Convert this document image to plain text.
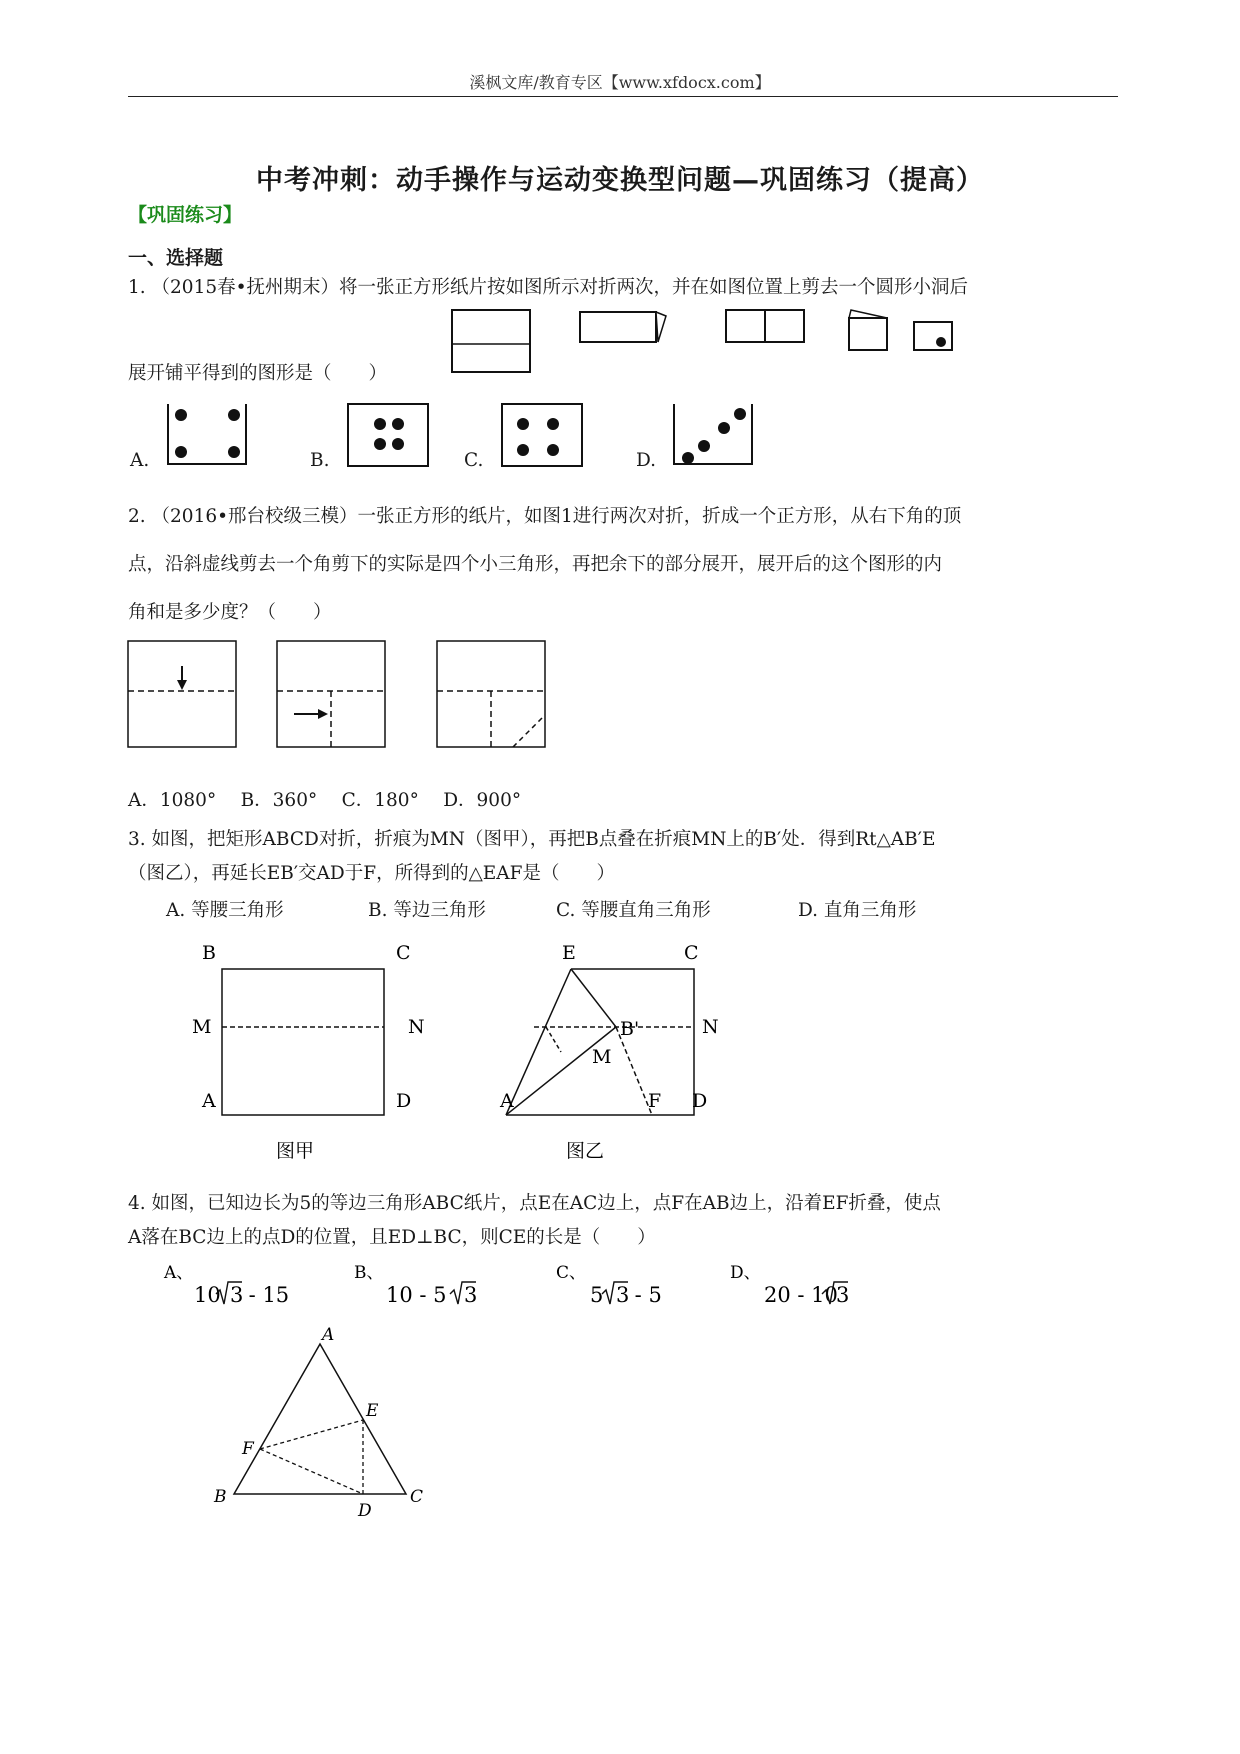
溪枫文库/教育专区【www.xfdocx.com】
中考冲刺：动手操作与运动变换型问题—巩固练习（提高）
【巩固练习】
一、选择题
1. （2015春•抚州期末）将一张正方形纸片按如图所示对折两次，并在如图位置上剪去一个圆形小洞后
展开铺平得到的图形是（　　）
A.	B.	C.	D.
2. （2016•邢台校级三模）一张正方形的纸片，如图1进行两次对折，折成一个正方形，从右下角的顶
点，沿斜虚线剪去一个角剪下的实际是四个小三角形，再把余下的部分展开，展开后的这个图形的内
角和是多少度？（　　）
A．1080°　 B．360°　 C．180°　 D．900°
3. 如图，把矩形ABCD对折，折痕为MN（图甲），再把B点叠在折痕MN上的B′处．得到Rt△AB′E
（图乙），再延长EB′交AD于F，所得到的△EAF是（　　）
A. 等腰三角形	B. 等边三角形	C. 等腰直角三角形	D. 直角三角形
B	C
M	N
A	D
图甲
E	C
B'	N
M
A	F D
图乙
4. 如图，已知边长为5的等边三角形ABC纸片，点E在AC边上，点F在AB边上，沿着EF折叠，使点
A落在BC边上的点D的位置，且ED⊥BC，则CE的长是（　　）
A、
10 3
- 15
B、
10 - 5 3
C、
5 3
- 5
D、
20 - 10
3
A
B	C
D
E
F
